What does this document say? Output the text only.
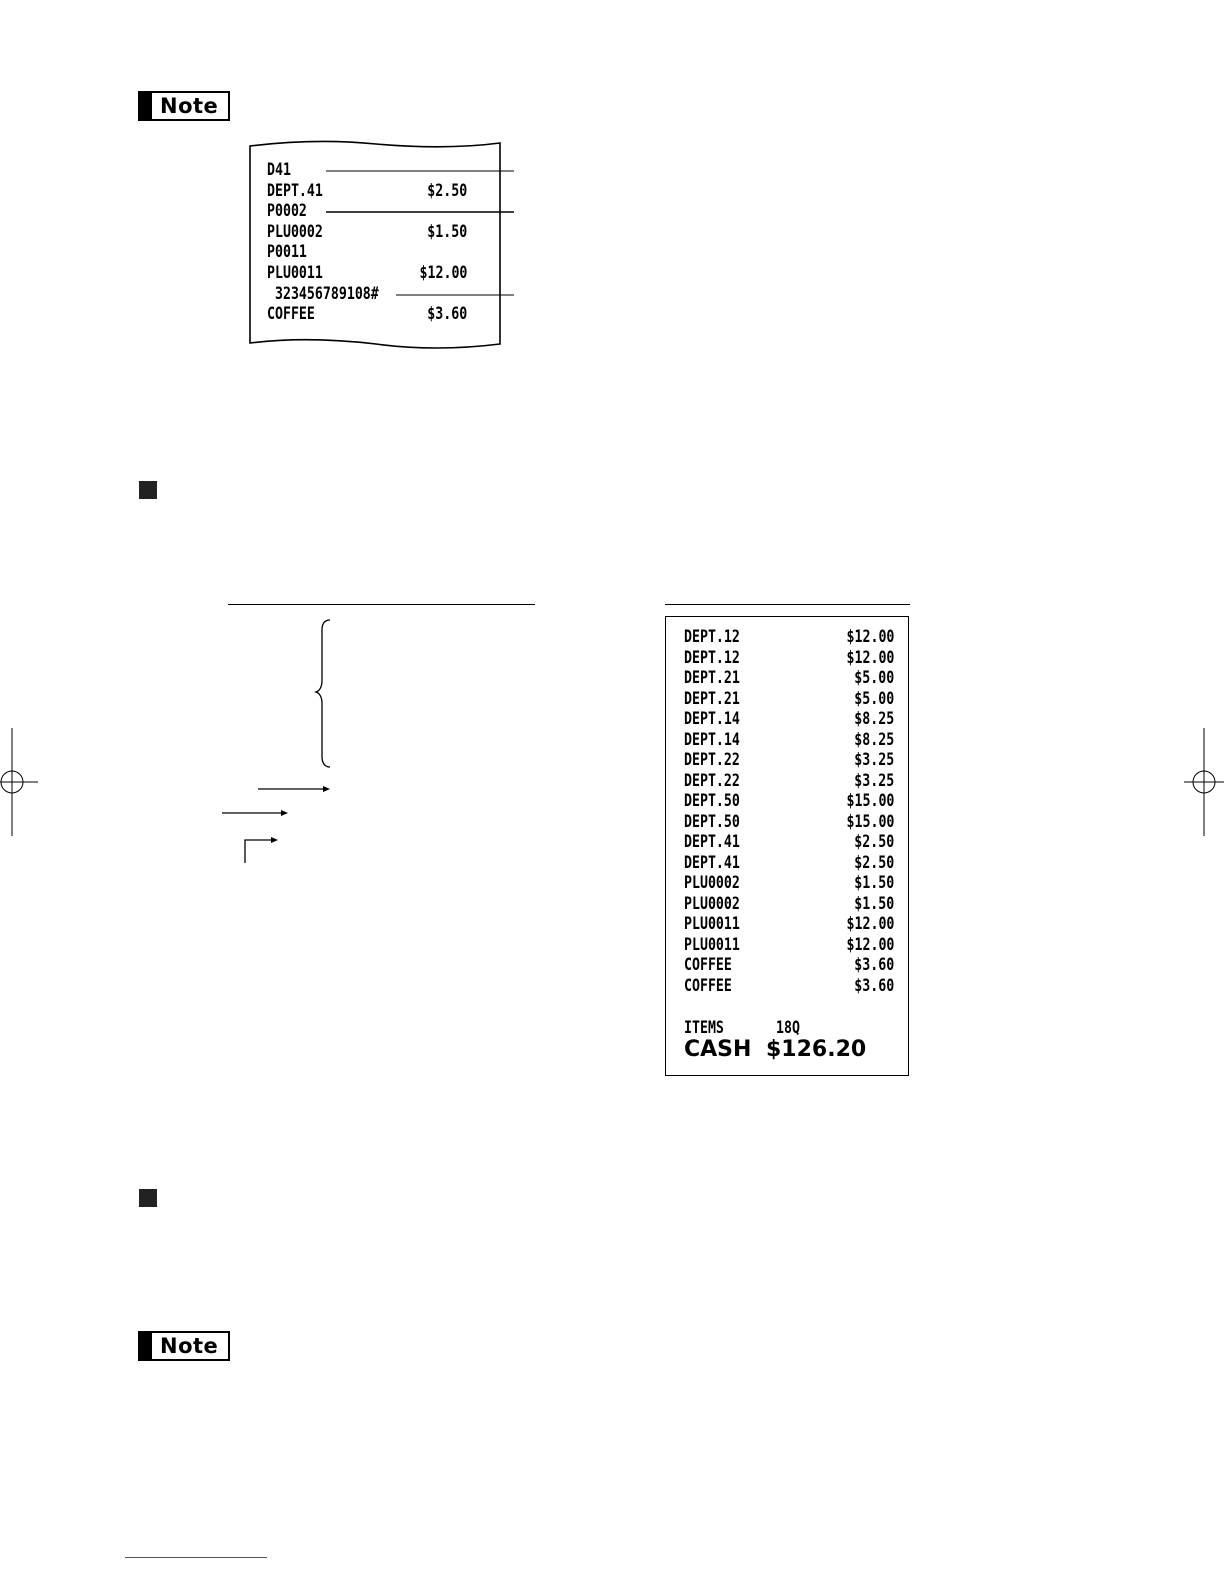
Note
D41
DEPT.41	$2.50
P0002
PLU0002	$1.50
P0011
PLU0011	$12.00
323456789108#
COFFEE	$3.60
DEPT.12	$12.00
DEPT.12	$12.00
DEPT.21	$5.00
DEPT.21	$5.00
DEPT.14	$8.25
DEPT.14	$8.25
DEPT.22	$3.25
DEPT.22	$3.25
DEPT.50	$15.00
DEPT.50	$15.00
DEPT.41	$2.50
DEPT.41	$2.50
PLU0002	$1.50
PLU0002	$1.50
PLU0011	$12.00
PLU0011	$12.00
COFFEE	$3.60
COFFEE	$3.60
ITEMS	18Q
CASH $126.20
Note
